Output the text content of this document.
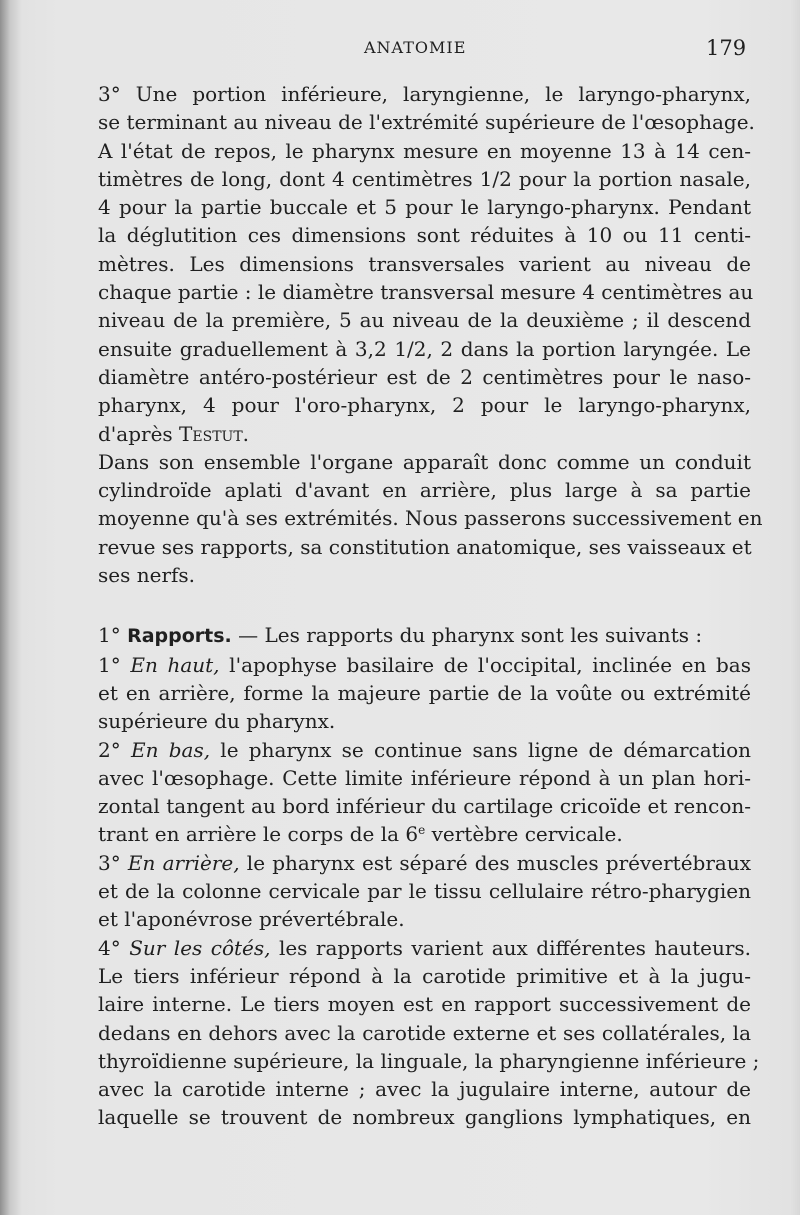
ANATOMIE	179

3° Une portion inférieure, laryngienne, le laryngo-pharynx,
se terminant au niveau de l'extrémité supérieure de l'œsophage.

A l'état de repos, le pharynx mesure en moyenne 13 à 14 cen-
timètres de long, dont 4 centimètres 1/2 pour la portion nasale,
4 pour la partie buccale et 5 pour le laryngo-pharynx. Pendant
la déglutition ces dimensions sont réduites à 10 ou 11 centi-
mètres. Les dimensions transversales varient au niveau de
chaque partie : le diamètre transversal mesure 4 centimètres au
niveau de la première, 5 au niveau de la deuxième ; il descend
ensuite graduellement à 3,2 1/2, 2 dans la portion laryngée. Le
diamètre antéro-postérieur est de 2 centimètres pour le naso-
pharynx, 4 pour l'oro-pharynx, 2 pour le laryngo-pharynx,
d'après Testut.

Dans son ensemble l'organe apparaît donc comme un conduit
cylindroïde aplati d'avant en arrière, plus large à sa partie
moyenne qu'à ses extrémités. Nous passerons successivement en
revue ses rapports, sa constitution anatomique, ses vaisseaux et
ses nerfs.

1° Rapports. — Les rapports du pharynx sont les suivants :

1° En haut, l'apophyse basilaire de l'occipital, inclinée en bas
et en arrière, forme la majeure partie de la voûte ou extrémité
supérieure du pharynx.

2° En bas, le pharynx se continue sans ligne de démarcation
avec l'œsophage. Cette limite inférieure répond à un plan hori-
zontal tangent au bord inférieur du cartilage cricoïde et rencon-
trant en arrière le corps de la 6e vertèbre cervicale.

3° En arrière, le pharynx est séparé des muscles prévertébraux
et de la colonne cervicale par le tissu cellulaire rétro-pharygien
et l'aponévrose prévertébrale.

4° Sur les côtés, les rapports varient aux différentes hauteurs.
Le tiers inférieur répond à la carotide primitive et à la jugu-
laire interne. Le tiers moyen est en rapport successivement de
dedans en dehors avec la carotide externe et ses collatérales, la
thyroïdienne supérieure, la linguale, la pharyngienne inférieure ;
avec la carotide interne ; avec la jugulaire interne, autour de
laquelle se trouvent de nombreux ganglions lymphatiques, en
